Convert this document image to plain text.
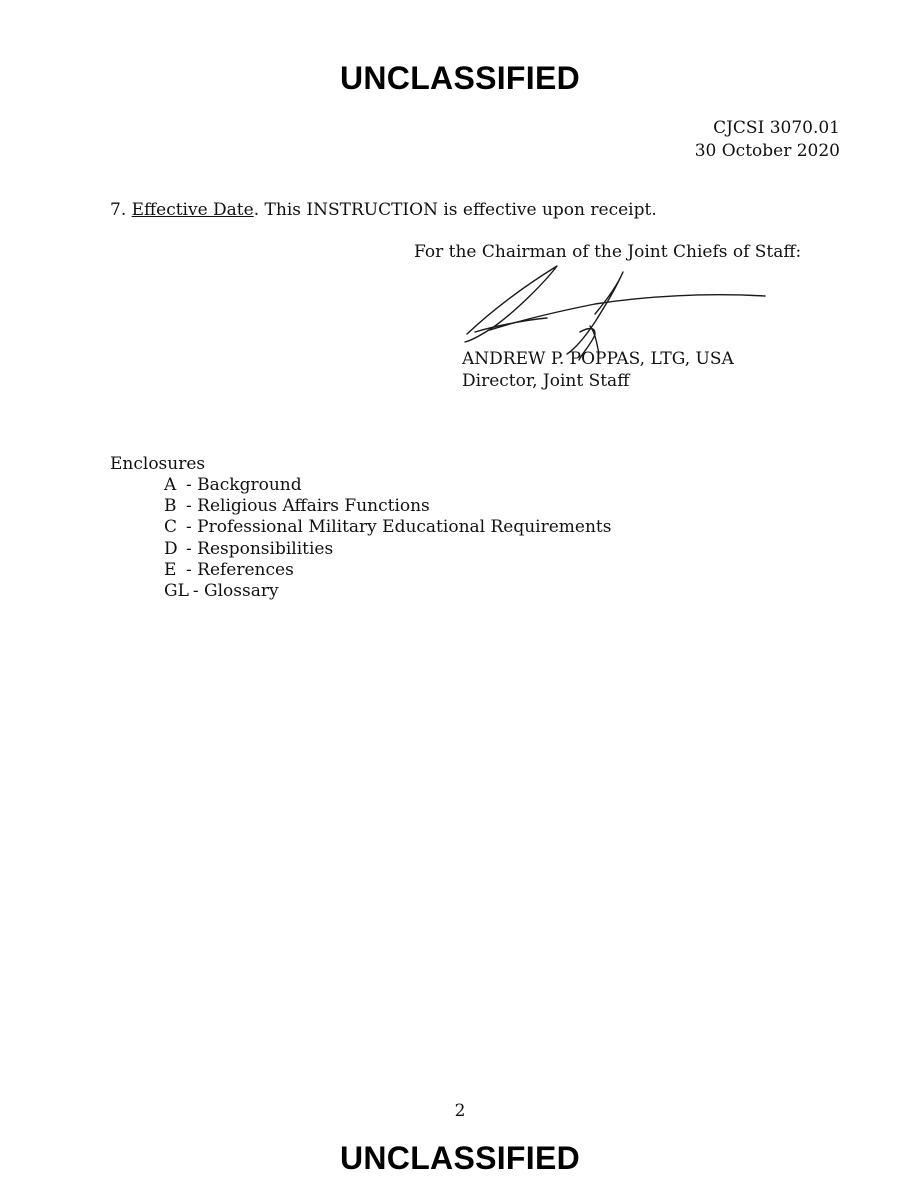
UNCLASSIFIED
CJCSI 3070.01
30 October 2020
7. Effective Date. This INSTRUCTION is effective upon receipt.
For the Chairman of the Joint Chiefs of Staff:
ANDREW P. POPPAS, LTG, USA
Director, Joint Staff
Enclosures
A - Background
B - Religious Affairs Functions
C - Professional Military Educational Requirements
D - Responsibilities
E - References
GL - Glossary
2
UNCLASSIFIED
